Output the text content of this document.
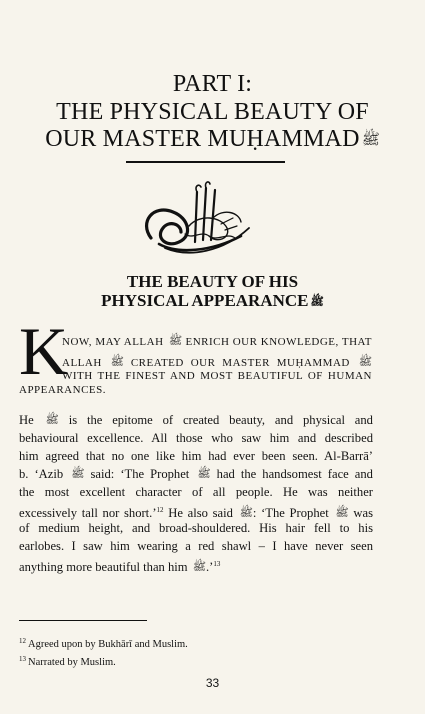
PART I:
THE PHYSICAL BEAUTY OF
OUR MASTER MUḤAMMAD ﷺ
THE BEAUTY OF HIS
PHYSICAL APPEARANCE ﷺ
K
NOW, MAY ALLAH ﷺ ENRICH OUR KNOWLEDGE, THAT
ALLAH ﷺ CREATED OUR MASTER MUḤAMMAD ﷺ
WITH THE FINEST AND MOST BEAUTIFUL OF HUMAN
APPEARANCES.
He ﷺ is the epitome of created beauty, and physical and
behavioural excellence. All those who saw him and described
him agreed that no one like him had ever been seen. Al-Barrā’
b. ‘Azib ﷺ said: ‘The Prophet ﷺ had the handsomest face and
the most excellent character of all people. He was neither
excessively tall nor short.’$^{12}$ He also said ﷺ: ‘The Prophet ﷺ was
of medium height, and broad-shouldered. His hair fell to his
earlobes. I saw him wearing a red shawl – I have never seen
anything more beautiful than him ﷺ.’$^{13}$
$^{12}$ Agreed upon by Bukhārī and Muslim.
$^{13}$ Narrated by Muslim.
33
